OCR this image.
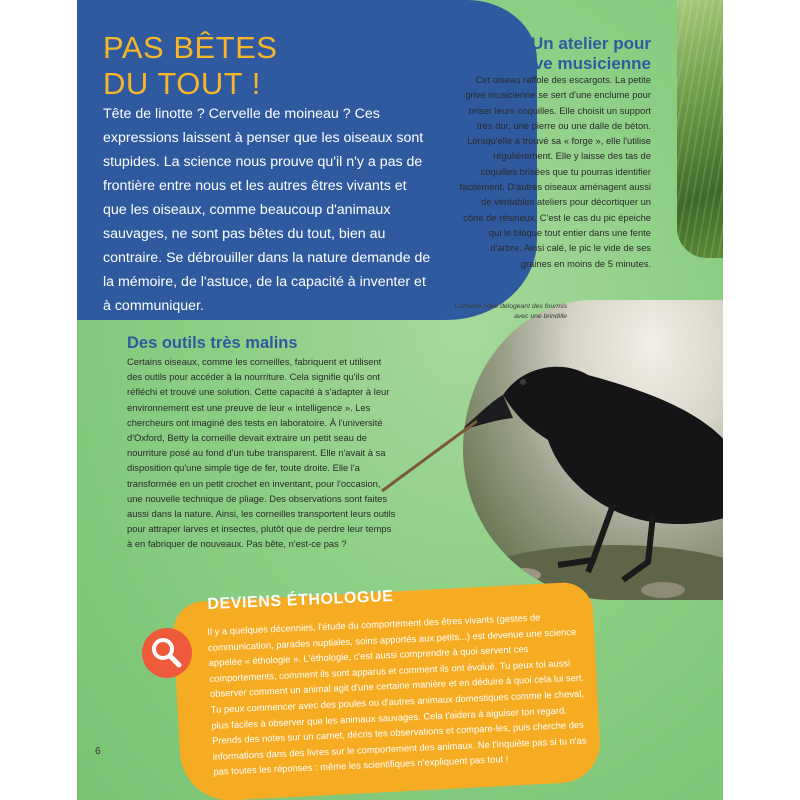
PAS BÊTES
DU TOUT !

Tête de linotte ? Cervelle de moineau ? Ces expressions laissent à penser que les oiseaux sont stupides. La science nous prouve qu'il n'y a pas de frontière entre nous et les autres êtres vivants et que les oiseaux, comme beaucoup d'animaux sauvages, ne sont pas bêtes du tout, bien au contraire. Se débrouiller dans la nature demande de la mémoire, de l'astuce, de la capacité à inventer et à communiquer.

Un atelier pour
la grive musicienne

Cet oiseau raffole des escargots. La petite grive musicienne se sert d'une enclume pour briser leurs coquilles. Elle choisit un support très dur, une pierre ou une dalle de béton. Lorsqu'elle a trouvé sa « forge », elle l'utilise régulièrement. Elle y laisse des tas de coquilles brisées que tu pourras identifier facilement. D'autres oiseaux aménagent aussi de véritables ateliers pour décortiquer un cône de résineux. C'est le cas du pic épeiche qui le bloque tout entier dans une fente d'arbre. Ainsi calé, le pic le vide de ses graines en moins de 5 minutes.

Corneille noire délogeant des fourmis avec une brindille

Des outils très malins

Certains oiseaux, comme les corneilles, fabriquent et utilisent des outils pour accéder à la nourriture. Cela signifie qu'ils ont réfléchi et trouvé une solution. Cette capacité à s'adapter à leur environnement est une preuve de leur « intelligence ». Les chercheurs ont imaginé des tests en laboratoire. À l'université d'Oxford, Betty la corneille devait extraire un petit seau de nourriture posé au fond d'un tube transparent. Elle n'avait à sa disposition qu'une simple tige de fer, toute droite. Elle l'a transformée en un petit crochet en inventant, pour l'occasion, une nouvelle technique de pliage. Des observations sont faites aussi dans la nature. Ainsi, les corneilles transportent leurs outils pour attraper larves et insectes, plutôt que de perdre leur temps à en fabriquer de nouveaux. Pas bête, n'est-ce pas ?

DEVIENS ÉTHOLOGUE

Il y a quelques décennies, l'étude du comportement des êtres vivants (gestes de communication, parades nuptiales, soins apportés aux petits...) est devenue une science appelée « éthologie ». L'éthologie, c'est aussi comprendre à quoi servent ces comportements, comment ils sont apparus et comment ils ont évolué. Tu peux toi aussi observer comment un animal agit d'une certaine manière et en déduire à quoi cela lui sert. Tu peux commencer avec des poules ou d'autres animaux domestiques comme le cheval, plus faciles à observer que les animaux sauvages. Cela t'aidera à aiguiser ton regard. Prends des notes sur un carnet, décris tes observations et compare-les, puis cherche des informations dans des livres sur le comportement des animaux. Ne t'inquiète pas si tu n'as pas toutes les réponses : même les scientifiques n'expliquent pas tout !

6
